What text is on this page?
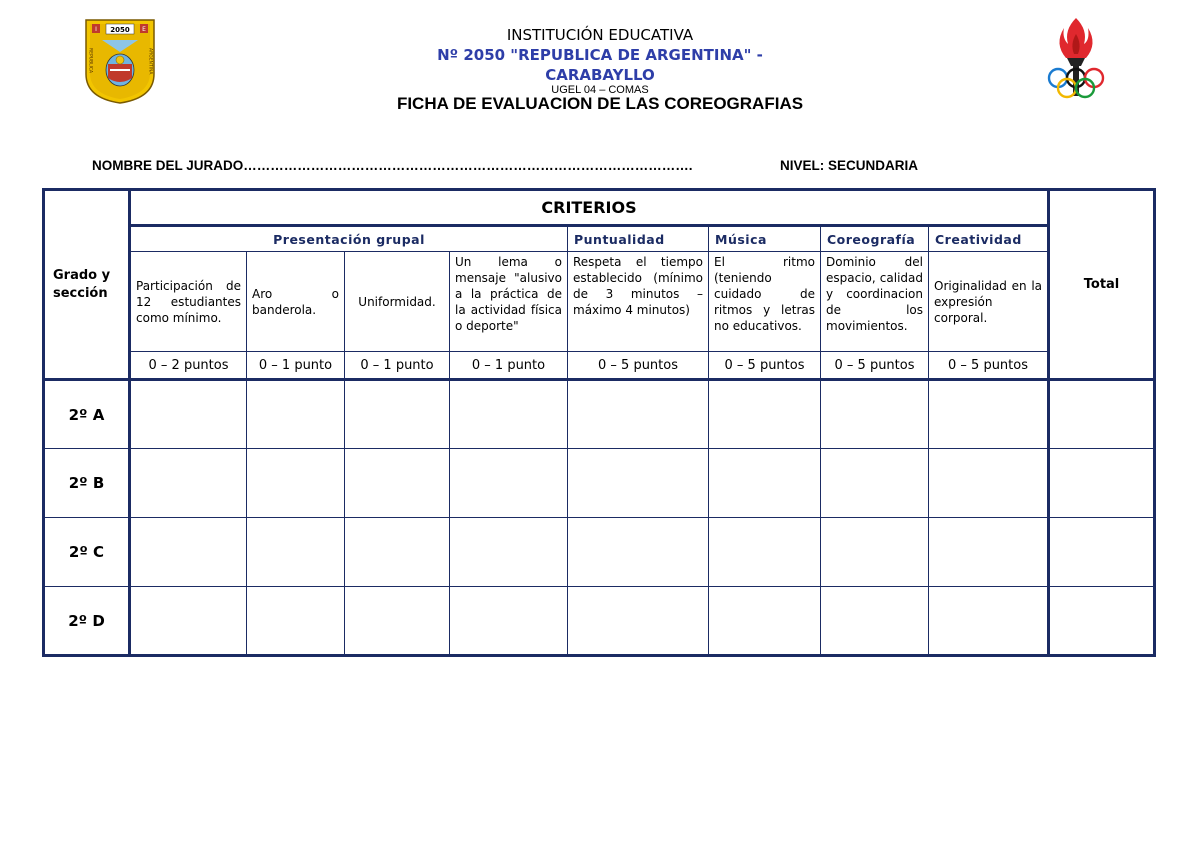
I	E
2050
REPUBLICA	ARGENTINA
INSTITUCIÓN EDUCATIVA
Nº 2050 "REPUBLICA DE ARGENTINA" - CARABAYLLO
UGEL 04 – COMAS
FICHA DE EVALUACION DE LAS COREOGRAFIAS
NOMBRE DEL JURADO……………………………………………………………………………………….	NIVEL: SECUNDARIA
Grado y sección	CRITERIOS								Total
	Presentación grupal				Puntualidad	Música	Coreografía	Creatividad	
	Participación de 12 estudiantes como mínimo.	Aro o banderola.	Uniformidad.	Un lema o mensaje "alusivo a la práctica de la actividad física o deporte"	Respeta el tiempo establecido (mínimo de 3 minutos – máximo 4 minutos)	El ritmo (teniendo cuidado de ritmos y letras no educativos.	Dominio del espacio, calidad y coordinacion de los movimientos.	Originalidad en la expresión corporal.	
	0 – 2 puntos	0 – 1 punto	0 – 1 punto	0 – 1 punto	0 – 5 puntos	0 – 5 puntos	0 – 5 puntos	0 – 5 puntos	
2º A									
2º B									
2º C									
2º D									
